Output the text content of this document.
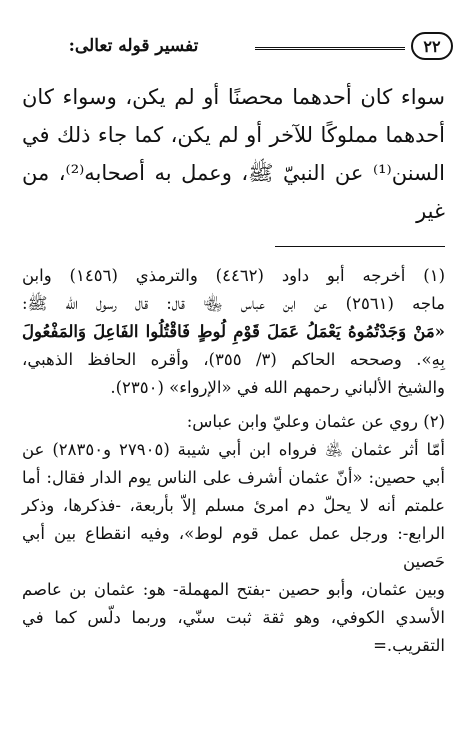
٢٢
تفسير قوله تعالى:

سواء كان أحدهما محصنًا أو لم يكن، وسواء كان

أحدهما مملوكًا للآخر أو لم يكن، كما جاء ذلك في

السنن⁽¹⁾ عن النبيّ ﷺ، وعمل به أصحابه⁽²⁾، من غير

(١) أخرجه أبو داود (٤٤٦٢) والترمذي (١٤٥٦) وابن
ماجه (٢٥٦١) عن ابن عباس ﵄ قال: قال رسول الله ﷺ:
«مَنْ وَجَدْتُمُوهُ يَعْمَلُ عَمَلَ قَوْمِ لُوطٍ فَاقْتُلُوا الفَاعِلَ وَالمَفْعُولَ
بِهِ». وصححه الحاكم (٣/ ٣٥٥)، وأقره الحافظ الذهبي،
والشيخ الألباني رحمهم الله في «الإرواء» (٢٣٥٠).
(٢) روي عن عثمان وعليّ وابن عباس:
أمّا أثر عثمان ﵁ فرواه ابن أبي شيبة (٢٧٩٠٥ و٢٨٣٥٠) عن
أبي حصين: «أنّ عثمان أشرف على الناس يوم الدار فقال: أما
علمتم أنه لا يحلّ دم امرئ مسلم إلاّ بأربعة، -فذكرها، وذكر
الرابع-: ورجل عمل عمل قوم لوط»، وفيه انقطاع بين أبي حَصين
وبين عثمان، وأبو حصين -بفتح المهملة- هو: عثمان بن عاصم
الأسدي الكوفي، وهو ثقة ثبت سنّي، وربما دلّس كما في التقريب.=
